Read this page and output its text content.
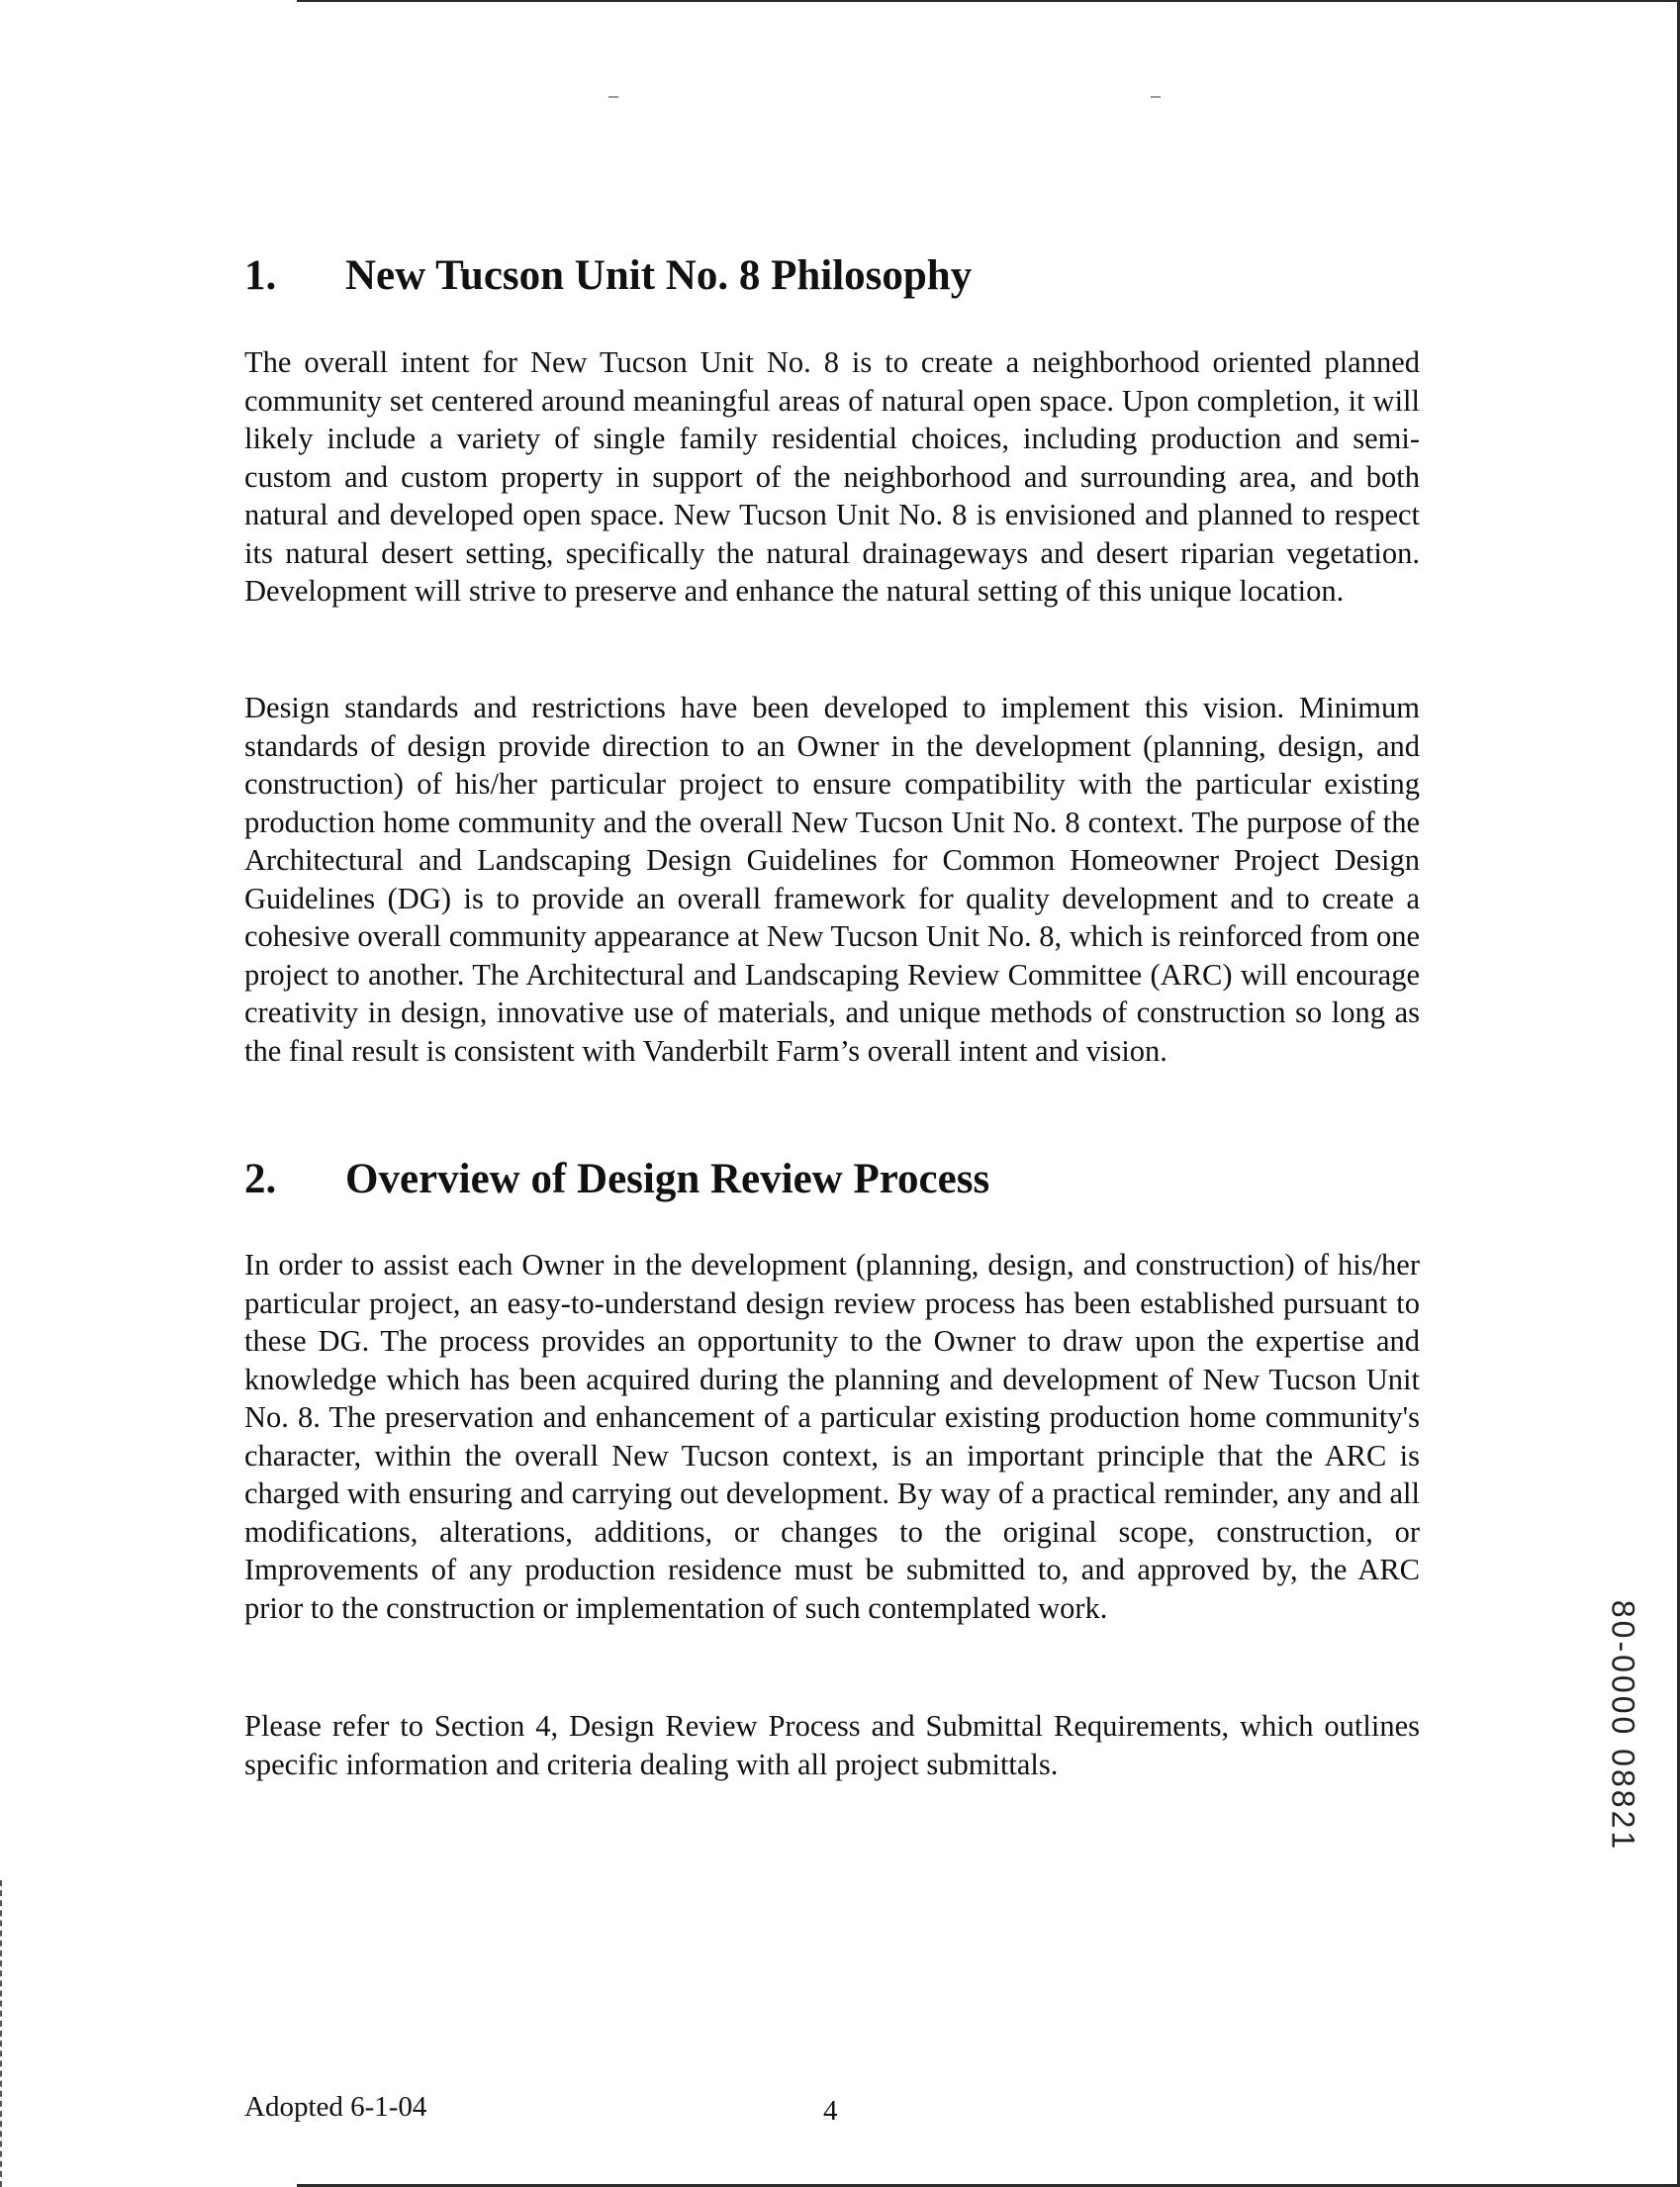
1. New Tucson Unit No. 8 Philosophy

The overall intent for New Tucson Unit No. 8 is to create a neighborhood oriented planned community set centered around meaningful areas of natural open space. Upon completion, it will likely include a variety of single family residential choices, including production and semi-custom and custom property in support of the neighborhood and surrounding area, and both natural and developed open space. New Tucson Unit No. 8 is envisioned and planned to respect its natural desert setting, specifically the natural drainageways and desert riparian vegetation. Development will strive to preserve and enhance the natural setting of this unique location.

Design standards and restrictions have been developed to implement this vision. Minimum standards of design provide direction to an Owner in the development (planning, design, and construction) of his/her particular project to ensure compatibility with the particular existing production home community and the overall New Tucson Unit No. 8 context. The purpose of the Architectural and Landscaping Design Guidelines for Common Homeowner Project Design Guidelines (DG) is to provide an overall framework for quality development and to create a cohesive overall community appearance at New Tucson Unit No. 8, which is reinforced from one project to another. The Architectural and Landscaping Review Committee (ARC) will encourage creativity in design, innovative use of materials, and unique methods of construction so long as the final result is consistent with Vanderbilt Farm’s overall intent and vision.

2. Overview of Design Review Process

In order to assist each Owner in the development (planning, design, and construction) of his/her particular project, an easy-to-understand design review process has been established pursuant to these DG. The process provides an opportunity to the Owner to draw upon the expertise and knowledge which has been acquired during the planning and development of New Tucson Unit No. 8. The preservation and enhancement of a particular existing production home community's character, within the overall New Tucson context, is an important principle that the ARC is charged with ensuring and carrying out development. By way of a practical reminder, any and all modifications, alterations, additions, or changes to the original scope, construction, or Improvements of any production residence must be submitted to, and approved by, the ARC prior to the construction or implementation of such contemplated work.

Please refer to Section 4, Design Review Process and Submittal Requirements, which outlines specific information and criteria dealing with all project submittals.

Adopted 6-1-04	4
80-0000 08821
